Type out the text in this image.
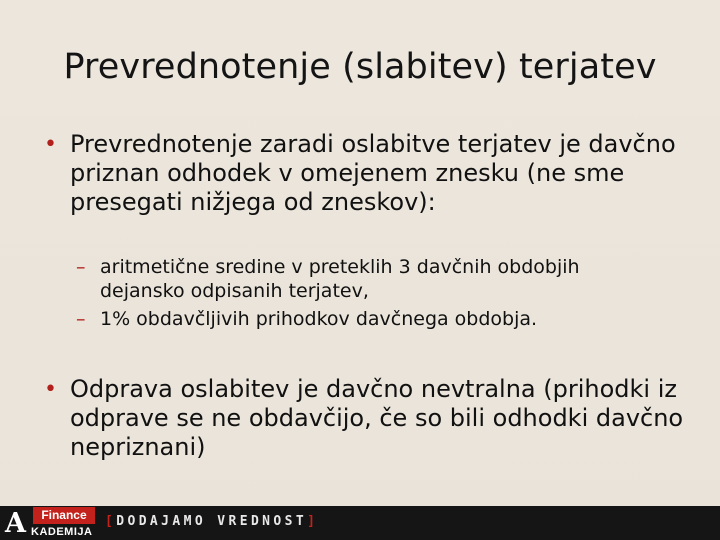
Prevrednotenje (slabitev) terjatev
• Prevrednotenje zaradi oslabitve terjatev je davčno priznan odhodek v omejenem znesku (ne sme presegati nižjega od zneskov):
– aritmetične sredine v preteklih 3 davčnih obdobjih dejansko odpisanih terjatev,
– 1% obdavčljivih prihodkov davčnega obdobja.
• Odprava oslabitev je davčno nevtralna (prihodki iz odprave se ne obdavčijo, če so bili odhodki davčno nepriznani)
A	Finance
KADEMIJA
[DODAJAMO VREDNOST]
